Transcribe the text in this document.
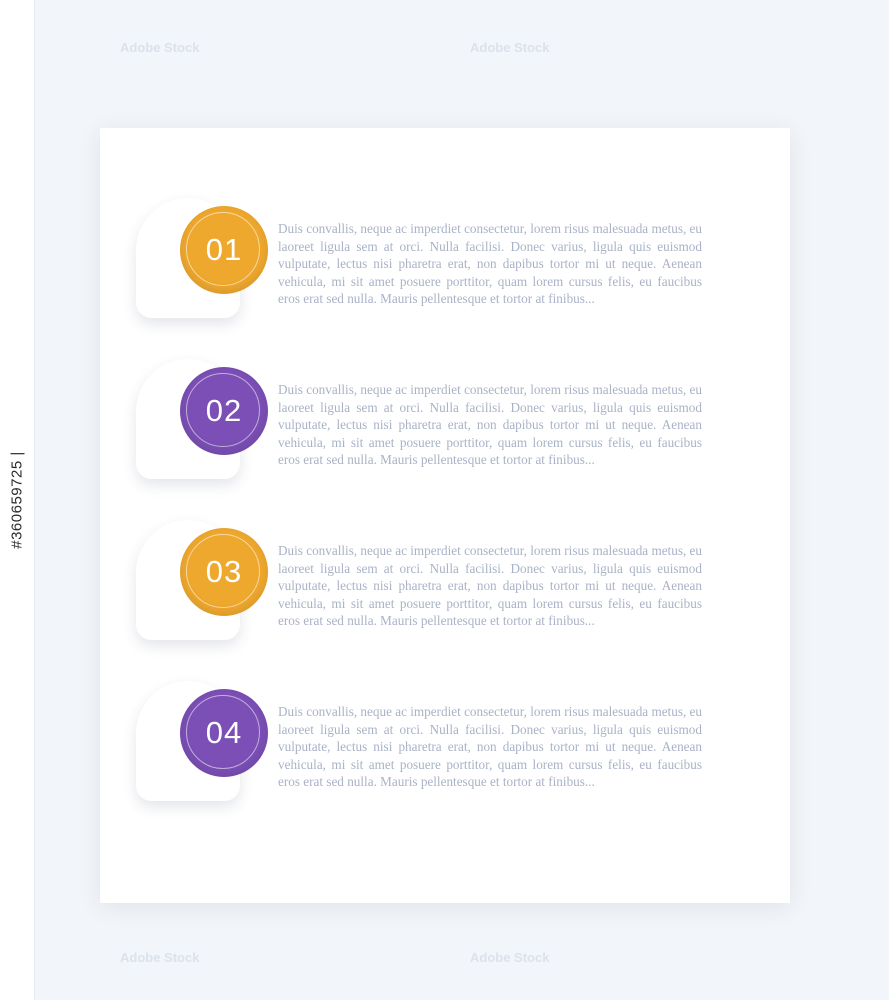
Adobe Stock	Adobe Stock
Adobe Stock	Adobe Stock
01
Duis convallis, neque ac imperdiet consectetur, lorem risus malesuada metus, eu laoreet ligula sem at orci. Nulla facilisi. Donec varius, ligula quis euismod vulputate, lectus nisi pharetra erat, non dapibus tortor mi ut neque. Aenean vehicula, mi sit amet posuere porttitor, quam lorem cursus felis, eu faucibus eros erat sed nulla. Mauris pellentesque et tortor at finibus...
02
Duis convallis, neque ac imperdiet consectetur, lorem risus malesuada metus, eu laoreet ligula sem at orci. Nulla facilisi. Donec varius, ligula quis euismod vulputate, lectus nisi pharetra erat, non dapibus tortor mi ut neque. Aenean vehicula, mi sit amet posuere porttitor, quam lorem cursus felis, eu faucibus eros erat sed nulla. Mauris pellentesque et tortor at finibus...
03
Duis convallis, neque ac imperdiet consectetur, lorem risus malesuada metus, eu laoreet ligula sem at orci. Nulla facilisi. Donec varius, ligula quis euismod vulputate, lectus nisi pharetra erat, non dapibus tortor mi ut neque. Aenean vehicula, mi sit amet posuere porttitor, quam lorem cursus felis, eu faucibus eros erat sed nulla. Mauris pellentesque et tortor at finibus...
04
Duis convallis, neque ac imperdiet consectetur, lorem risus malesuada metus, eu laoreet ligula sem at orci. Nulla facilisi. Donec varius, ligula quis euismod vulputate, lectus nisi pharetra erat, non dapibus tortor mi ut neque. Aenean vehicula, mi sit amet posuere porttitor, quam lorem cursus felis, eu faucibus eros erat sed nulla. Mauris pellentesque et tortor at finibus...
#360659725 |
